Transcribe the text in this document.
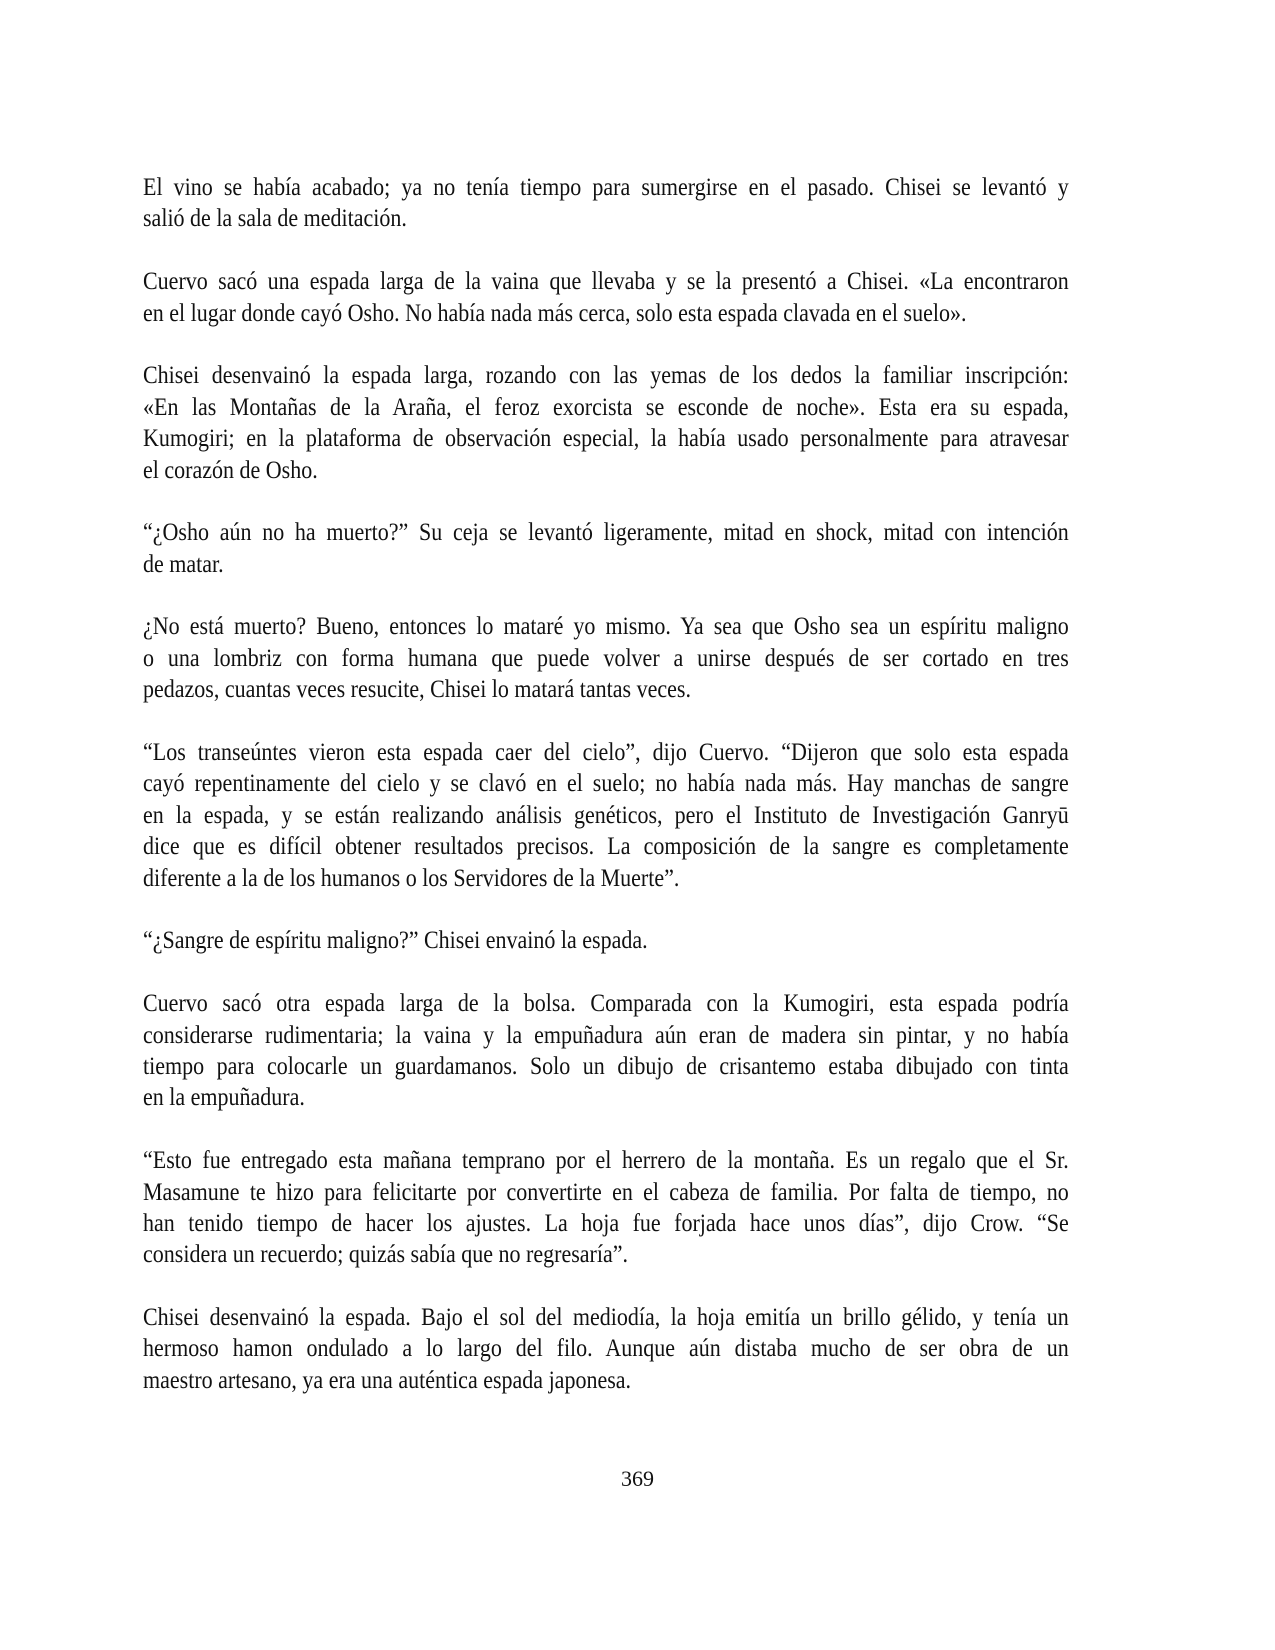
El vino se había acabado; ya no tenía tiempo para sumergirse en el pasado. Chisei se levantó y
salió de la sala de meditación.
Cuervo sacó una espada larga de la vaina que llevaba y se la presentó a Chisei. «La encontraron
en el lugar donde cayó Osho. No había nada más cerca, solo esta espada clavada en el suelo».
Chisei desenvainó la espada larga, rozando con las yemas de los dedos la familiar inscripción:
«En las Montañas de la Araña, el feroz exorcista se esconde de noche». Esta era su espada,
Kumogiri; en la plataforma de observación especial, la había usado personalmente para atravesar
el corazón de Osho.
“¿Osho aún no ha muerto?” Su ceja se levantó ligeramente, mitad en shock, mitad con intención
de matar.
¿No está muerto? Bueno, entonces lo mataré yo mismo. Ya sea que Osho sea un espíritu maligno
o una lombriz con forma humana que puede volver a unirse después de ser cortado en tres
pedazos, cuantas veces resucite, Chisei lo matará tantas veces.
“Los transeúntes vieron esta espada caer del cielo”, dijo Cuervo. “Dijeron que solo esta espada
cayó repentinamente del cielo y se clavó en el suelo; no había nada más. Hay manchas de sangre
en la espada, y se están realizando análisis genéticos, pero el Instituto de Investigación Ganryū
dice que es difícil obtener resultados precisos. La composición de la sangre es completamente
diferente a la de los humanos o los Servidores de la Muerte”.
“¿Sangre de espíritu maligno?” Chisei envainó la espada.
Cuervo sacó otra espada larga de la bolsa. Comparada con la Kumogiri, esta espada podría
considerarse rudimentaria; la vaina y la empuñadura aún eran de madera sin pintar, y no había
tiempo para colocarle un guardamanos. Solo un dibujo de crisantemo estaba dibujado con tinta
en la empuñadura.
“Esto fue entregado esta mañana temprano por el herrero de la montaña. Es un regalo que el Sr.
Masamune te hizo para felicitarte por convertirte en el cabeza de familia. Por falta de tiempo, no
han tenido tiempo de hacer los ajustes. La hoja fue forjada hace unos días”, dijo Crow. “Se
considera un recuerdo; quizás sabía que no regresaría”.
Chisei desenvainó la espada. Bajo el sol del mediodía, la hoja emitía un brillo gélido, y tenía un
hermoso hamon ondulado a lo largo del filo. Aunque aún distaba mucho de ser obra de un
maestro artesano, ya era una auténtica espada japonesa.
369
